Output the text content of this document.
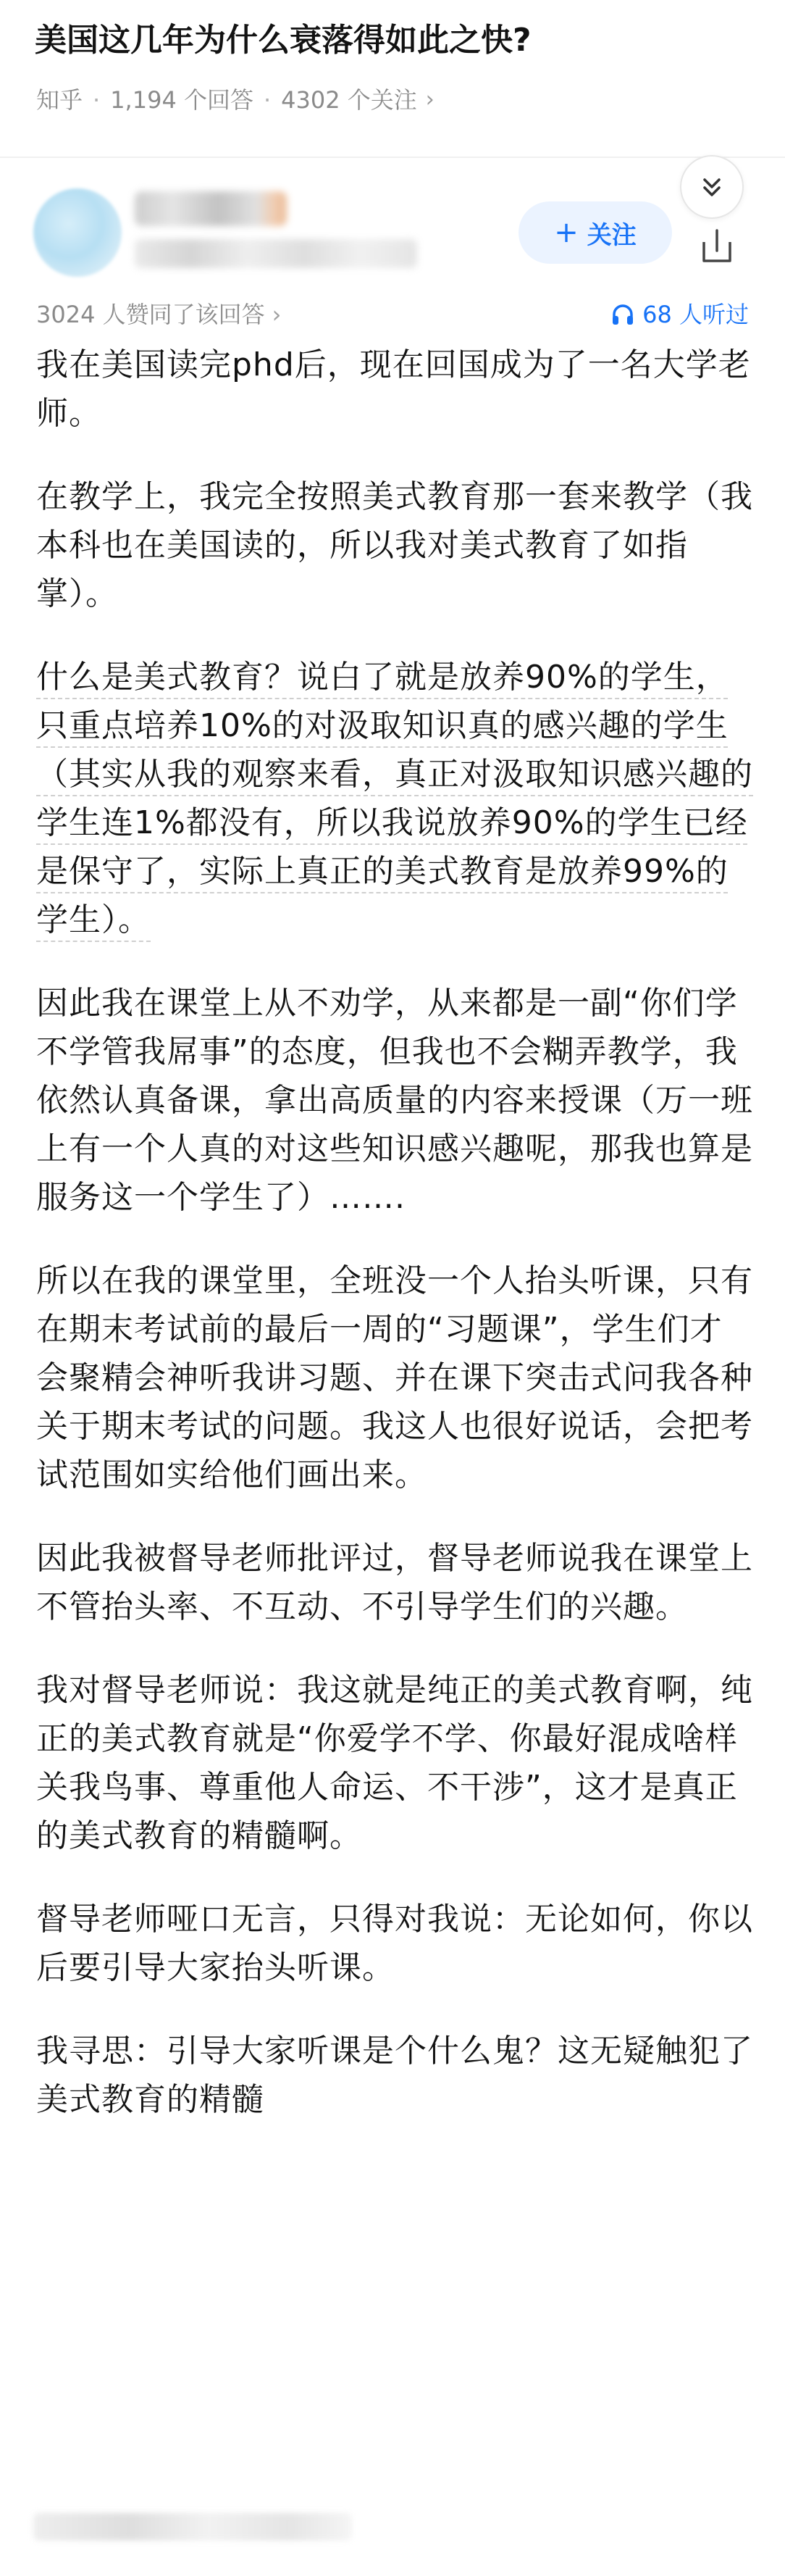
美国这几年为什么衰落得如此之快?
知乎 · 1,194 个回答 · 4302 个关注 ›
+ 关注
3024 人赞同了该回答 ›	68 人听过

我在美国读完phd后，现在回国成为了一名大学老师。

在教学上，我完全按照美式教育那一套来教学（我本科也在美国读的，所以我对美式教育了如指掌）。

什么是美式教育？说白了就是放养90%的学生，只重点培养10%的对汲取知识真的感兴趣的学生（其实从我的观察来看，真正对汲取知识感兴趣的学生连1%都没有，所以我说放养90%的学生已经是保守了，实际上真正的美式教育是放养99%的学生）。

因此我在课堂上从不劝学，从来都是一副“你们学不学管我屌事”的态度，但我也不会糊弄教学，我依然认真备课，拿出高质量的内容来授课（万一班上有一个人真的对这些知识感兴趣呢，那我也算是服务这一个学生了）…….

所以在我的课堂里，全班没一个人抬头听课，只有在期末考试前的最后一周的“习题课”，学生们才会聚精会神听我讲习题、并在课下突击式问我各种关于期末考试的问题。我这人也很好说话，会把考试范围如实给他们画出来。

因此我被督导老师批评过，督导老师说我在课堂上不管抬头率、不互动、不引导学生们的兴趣。

我对督导老师说：我这就是纯正的美式教育啊，纯正的美式教育就是“你爱学不学、你最好混成啥样关我鸟事、尊重他人命运、不干涉”，这才是真正的美式教育的精髓啊。

督导老师哑口无言，只得对我说：无论如何，你以后要引导大家抬头听课。

我寻思：引导大家听课是个什么鬼？这无疑触犯了美式教育的精髓
